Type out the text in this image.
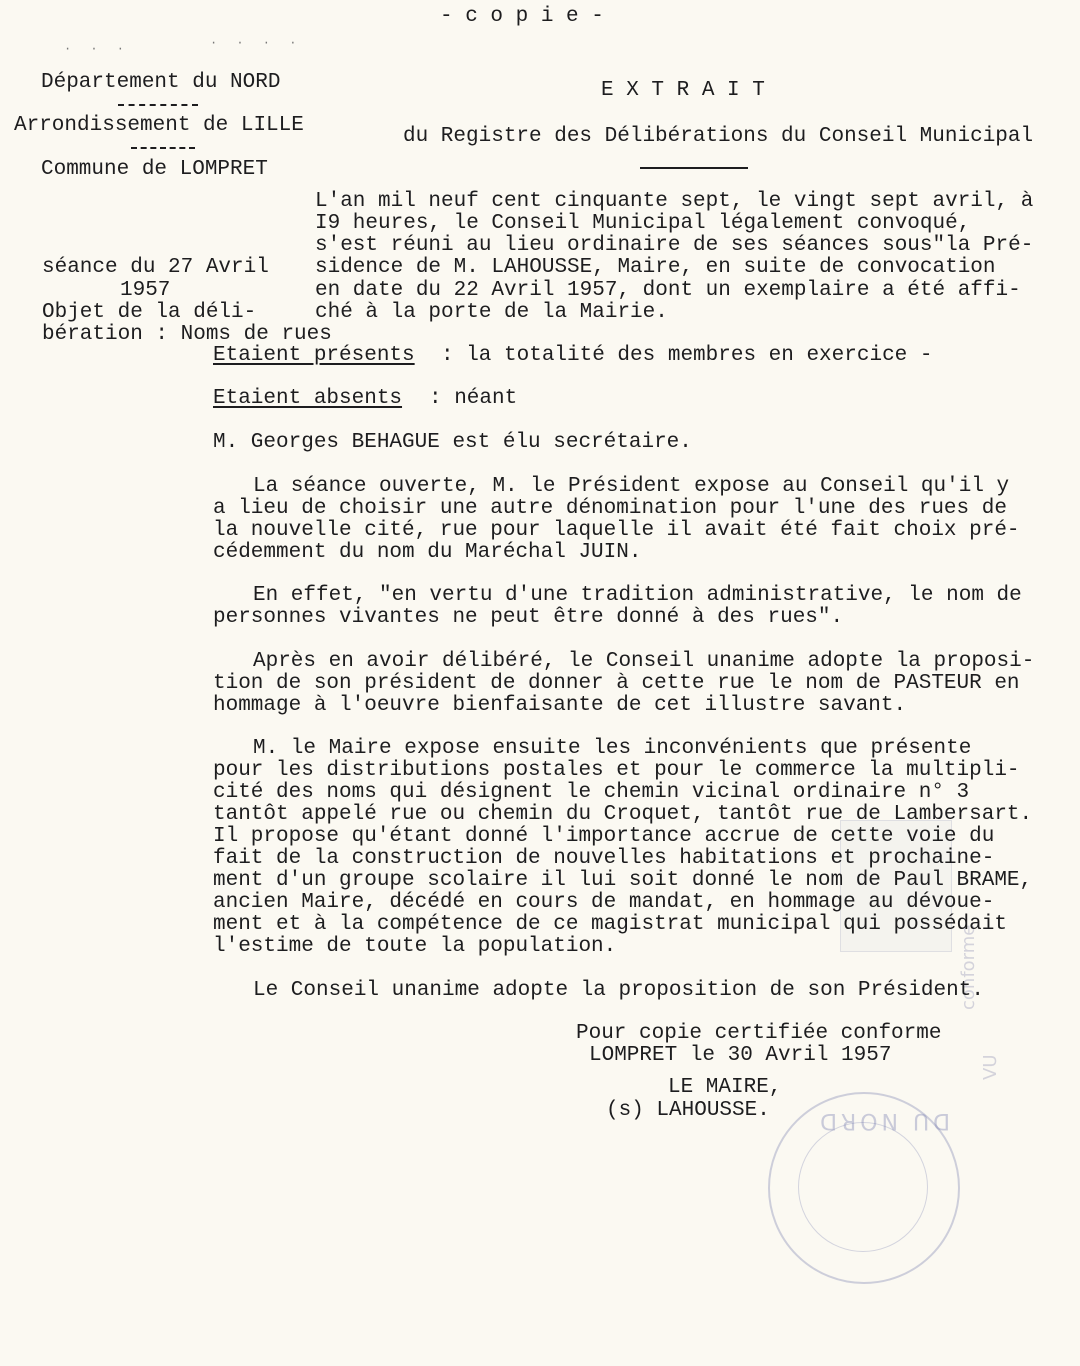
- c o p i e -
· · ·	· · · ·
Département du NORD
Arrondissement de LILLE
Commune de LOMPRET
E X T R A I T
du Registre des Délibérations du Conseil Municipal
L'an mil neuf cent cinquante sept, le vingt sept avril, à
I9 heures, le Conseil Municipal légalement convoqué,
s'est réuni au lieu ordinaire de ses séances sous"la Pré-
sidence de M. LAHOUSSE, Maire, en suite de convocation
en date du 22 Avril 1957, dont un exemplaire a été affi-
ché à la porte de la Mairie.
séance du 27 Avril
1957
Objet de la déli-
bération : Noms de rues
Etaient présents : la totalité des membres en exercice -
Etaient absents : néant
M. Georges BEHAGUE est élu secrétaire.
La séance ouverte, M. le Président expose au Conseil qu'il y
a lieu de choisir une autre dénomination pour l'une des rues de
la nouvelle cité, rue pour laquelle il avait été fait choix pré-
cédemment du nom du Maréchal JUIN.
En effet, "en vertu d'une tradition administrative, le nom de
personnes vivantes ne peut être donné à des rues".
Après en avoir délibéré, le Conseil unanime adopte la proposi-
tion de son président de donner à cette rue le nom de PASTEUR en
hommage à l'oeuvre bienfaisante de cet illustre savant.
conforme
VU
M. le Maire expose ensuite les inconvénients que présente
pour les distributions postales et pour le commerce la multipli-
cité des noms qui désignent le chemin vicinal ordinaire n° 3
tantôt appelé rue ou chemin du Croquet, tantôt rue de Lambersart.
Il propose qu'étant donné l'importance accrue de cette voie du
fait de la construction de nouvelles habitations et prochaine-
ment d'un groupe scolaire il lui soit donné le nom de Paul BRAME,
ancien Maire, décédé en cours de mandat, en hommage au dévoue-
ment et à la compétence de ce magistrat municipal qui possédait
l'estime de toute la population.
Le Conseil unanime adopte la proposition de son Président.
Pour copie certifiée conforme
LOMPRET le 30 Avril 1957
LE MAIRE,
(s) LAHOUSSE. DU NORD
